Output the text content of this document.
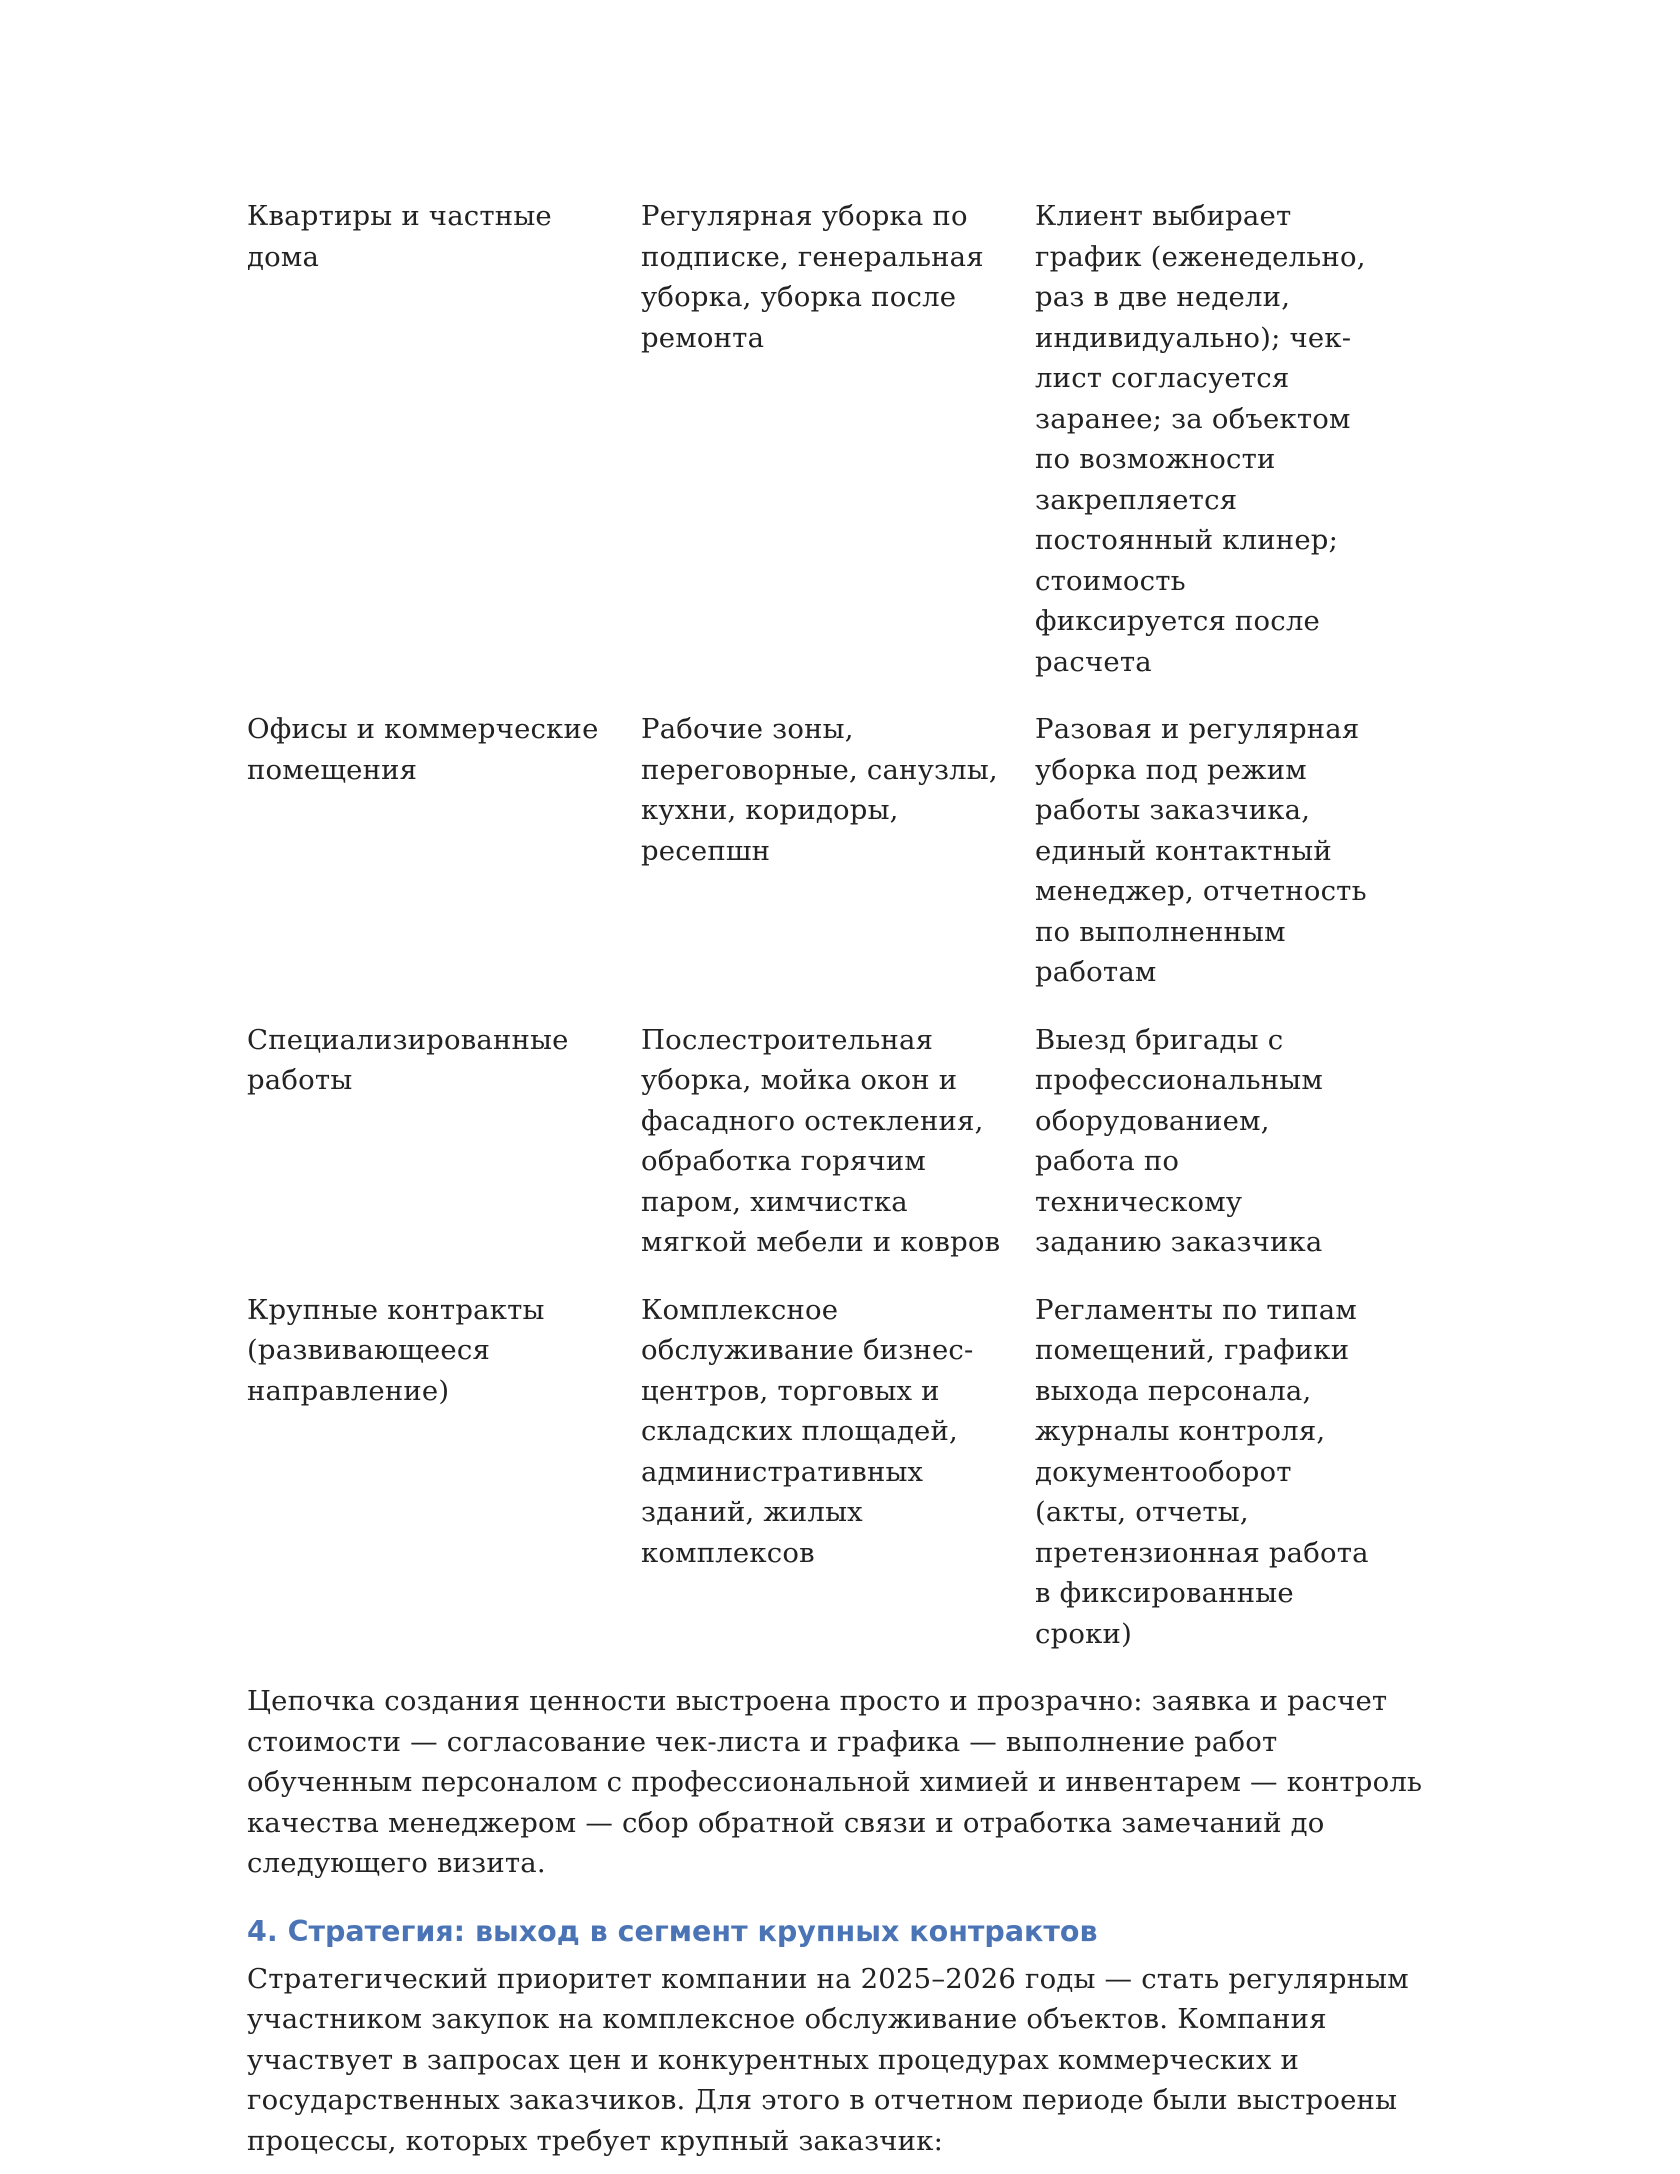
Квартиры и частные дома	Регулярная уборка по подписке, генеральная уборка, уборка после ремонта	Клиент выбирает график (еженедельно, раз в две недели, индивидуально); чек-лист согласуется заранее; за объектом по возможности закрепляется постоянный клинер; стоимость фиксируется после расчета
Офисы и коммерческие помещения	Рабочие зоны, переговорные, санузлы, кухни, коридоры, ресепшн	Разовая и регулярная уборка под режим работы заказчика, единый контактный менеджер, отчетность по выполненным работам
Специализированные работы	Послестроительная уборка, мойка окон и фасадного остекления, обработка горячим паром, химчистка мягкой мебели и ковров	Выезд бригады с профессиональным оборудованием, работа по техническому заданию заказчика
Крупные контракты (развивающееся направление)	Комплексное обслуживание бизнес-центров, торговых и складских площадей, административных зданий, жилых комплексов	Регламенты по типам помещений, графики выхода персонала, журналы контроля, документооборот (акты, отчеты, претензионная работа в фиксированные сроки)

Цепочка создания ценности выстроена просто и прозрачно: заявка и расчет стоимости — согласование чек-листа и графика — выполнение работ обученным персоналом с профессиональной химией и инвентарем — контроль качества менеджером — сбор обратной связи и отработка замечаний до следующего визита.

4. Стратегия: выход в сегмент крупных контрактов

Стратегический приоритет компании на 2025–2026 годы — стать регулярным участником закупок на комплексное обслуживание объектов. Компания участвует в запросах цен и конкурентных процедурах коммерческих и государственных заказчиков. Для этого в отчетном периоде были выстроены процессы, которых требует крупный заказчик:
